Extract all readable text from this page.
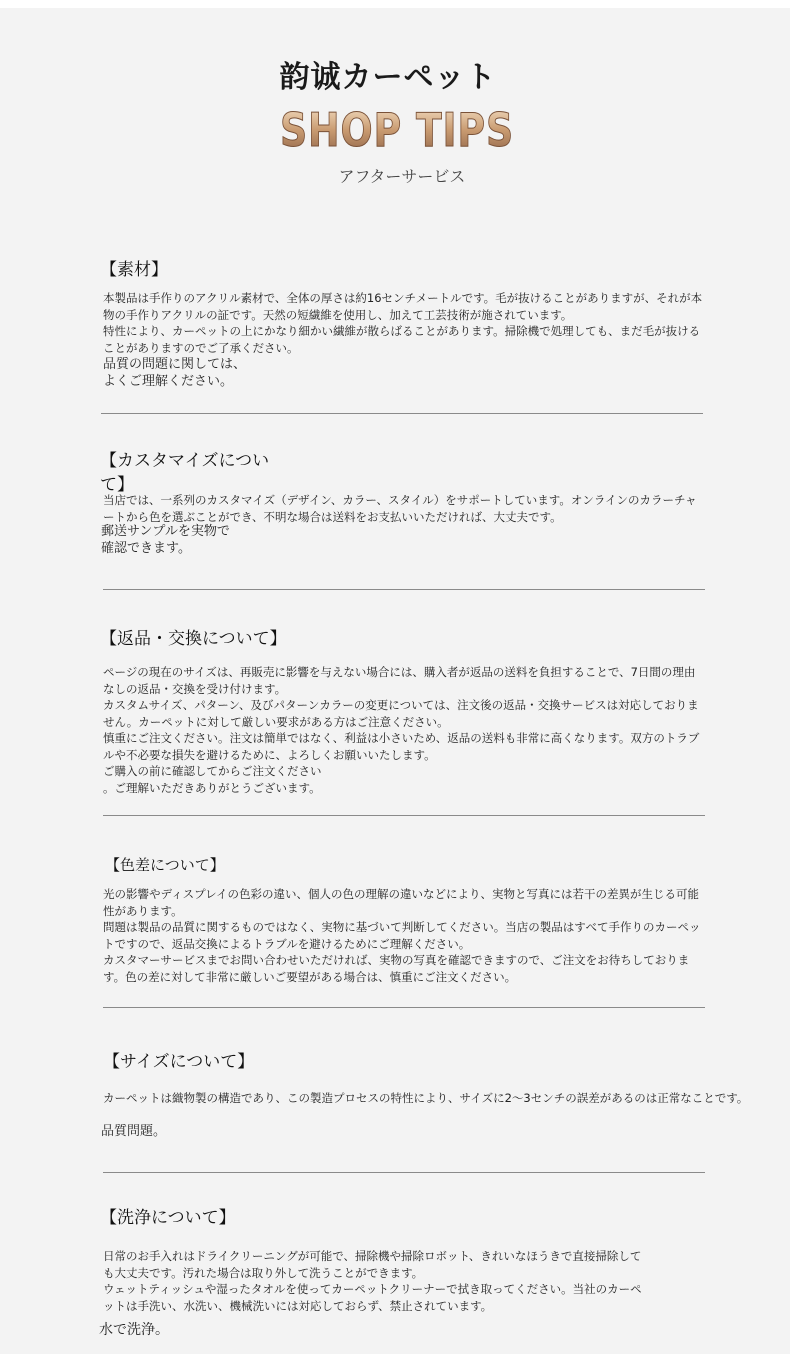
韵诚カーペット
SHOP TIPS
アフターサービス
【素材】
本製品は手作りのアクリル素材で、全体の厚さは約16センチメートルです。毛が抜けることがありますが、それが本物の手作りアクリルの証です。天然の短繊維を使用し、加えて工芸技術が施されています。
特性により、カーペットの上にかなり細かい繊維が散らばることがあります。掃除機で処理しても、まだ毛が抜けることがありますのでご了承ください。
品質の問題に関しては、
よくご理解ください。
【カスタマイズについて】
当店では、一系列のカスタマイズ（デザイン、カラー、スタイル）をサポートしています。オンラインのカラーチャートから色を選ぶことができ、不明な場合は送料をお支払いいただければ、大丈夫です。
郵送サンプルを実物で
確認できます。
【返品・交換について】
ページの現在のサイズは、再販売に影響を与えない場合には、購入者が返品の送料を負担することで、7日間の理由なしの返品・交換を受け付けます。
カスタムサイズ、パターン、及びパターンカラーの変更については、注文後の返品・交換サービスは対応しておりません。カーペットに対して厳しい要求がある方はご注意ください。
慎重にご注文ください。注文は簡単ではなく、利益は小さいため、返品の送料も非常に高くなります。双方のトラブルや不必要な損失を避けるために、よろしくお願いいたします。
ご購入の前に確認してからご注文ください
。ご理解いただきありがとうございます。
【色差について】
光の影響やディスプレイの色彩の違い、個人の色の理解の違いなどにより、実物と写真には若干の差異が生じる可能性があります。
問題は製品の品質に関するものではなく、実物に基づいて判断してください。当店の製品はすべて手作りのカーペットですので、返品交換によるトラブルを避けるためにご理解ください。
カスタマーサービスまでお問い合わせいただければ、実物の写真を確認できますので、ご注文をお待ちしております。色の差に対して非常に厳しいご要望がある場合は、慎重にご注文ください。
【サイズについて】
カーペットは織物製の構造であり、この製造プロセスの特性により、サイズに2〜3センチの誤差があるのは正常なことです。
品質問題。
【洗浄について】
日常のお手入れはドライクリーニングが可能で、掃除機や掃除ロボット、きれいなほうきで直接掃除しても大丈夫です。汚れた場合は取り外して洗うことができます。
ウェットティッシュや湿ったタオルを使ってカーペットクリーナーで拭き取ってください。当社のカーペットは手洗い、水洗い、機械洗いには対応しておらず、禁止されています。
水で洗浄。
